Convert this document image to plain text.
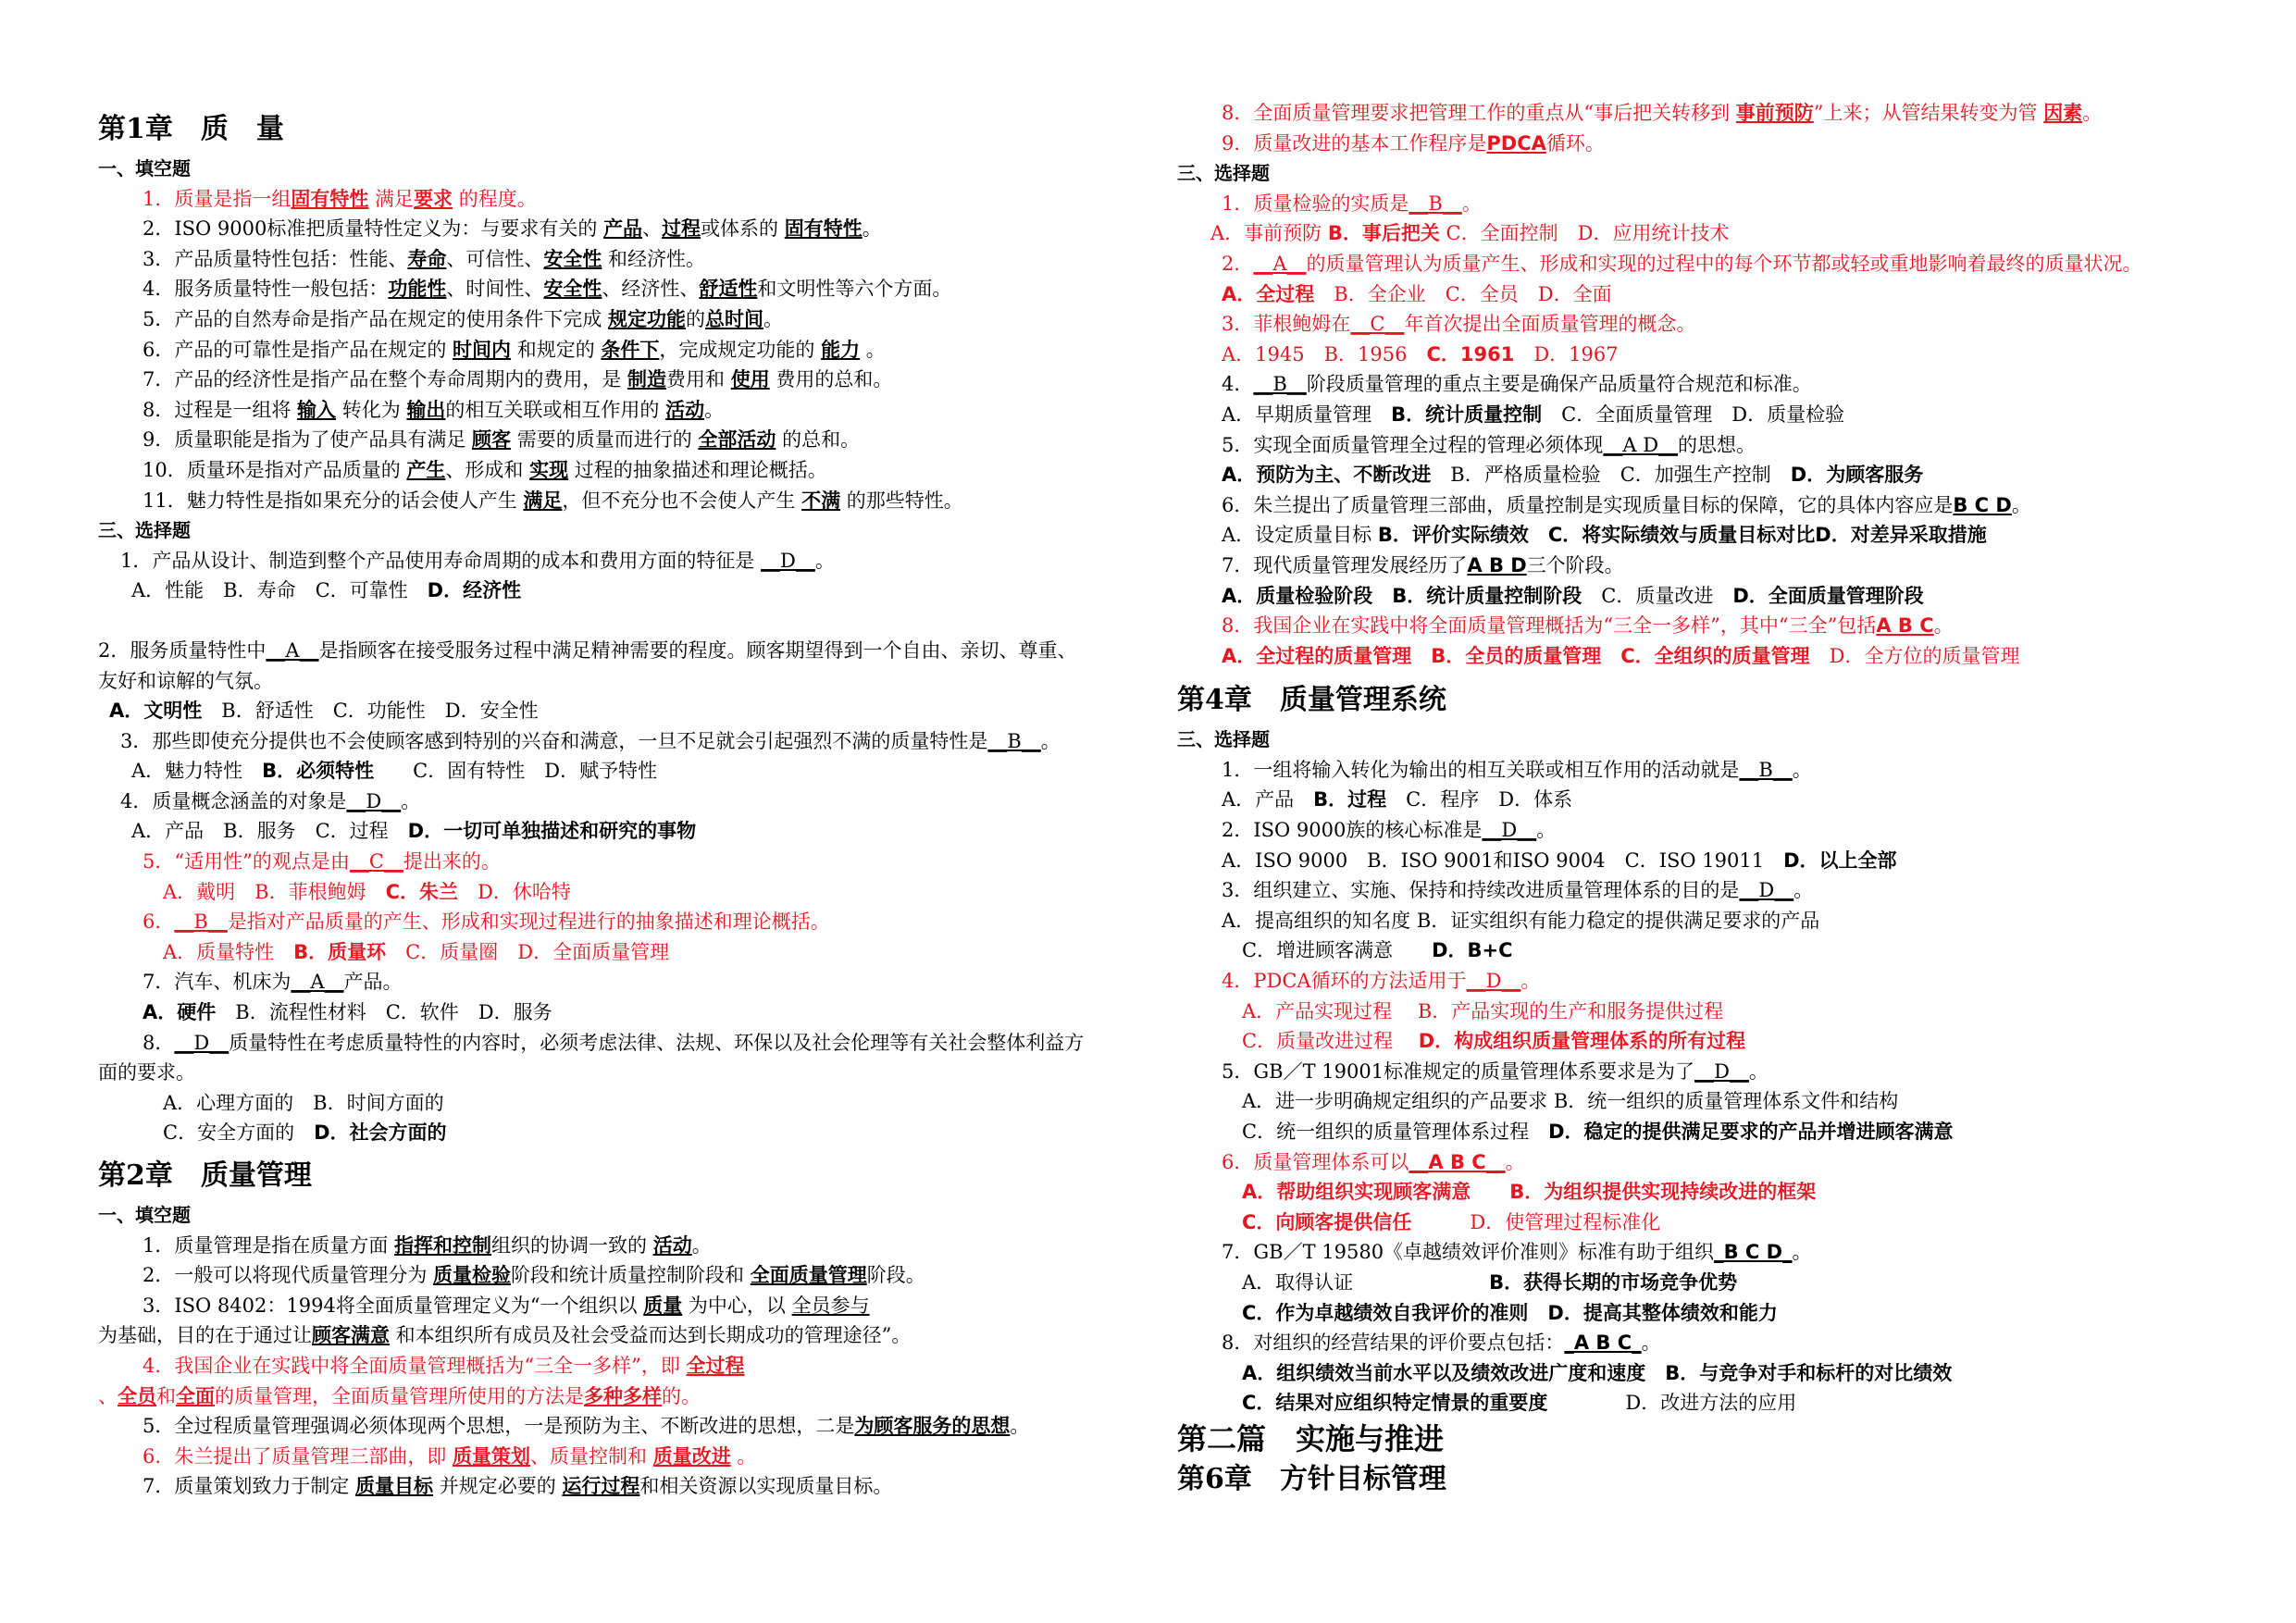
第1章　质　量
一、填空题
1．质量是指一组固有特性 满足要求 的程度。
2．ISO 9000标准把质量特性定义为：与要求有关的 产品、过程或体系的 固有特性。
3．产品质量特性包括：性能、寿命、可信性、安全性 和经济性。
4．服务质量特性一般包括：功能性、时间性、安全性、经济性、舒适性和文明性等六个方面。
5．产品的自然寿命是指产品在规定的使用条件下完成 规定功能的总时间。
6．产品的可靠性是指产品在规定的 时间内 和规定的 条件下，完成规定功能的 能力 。
7．产品的经济性是指产品在整个寿命周期内的费用，是 制造费用和 使用 费用的总和。
8．过程是一组将 输入 转化为 输出的相互关联或相互作用的 活动。
9．质量职能是指为了使产品具有满足 顾客 需要的质量而进行的 全部活动 的总和。
10．质量环是指对产品质量的 产生、形成和 实现 过程的抽象描述和理论概括。
11．魅力特性是指如果充分的话会使人产生 满足，但不充分也不会使人产生 不满 的那些特性。
三、选择题
1．产品从设计、制造到整个产品使用寿命周期的成本和费用方面的特征是 __D__。
A．性能　B．寿命　C．可靠性　D．经济性
2．服务质量特性中__A__是指顾客在接受服务过程中满足精神需要的程度。顾客期望得到一个自由、亲切、尊重、
友好和谅解的气氛。
A．文明性　B．舒适性　C．功能性　D．安全性
3．那些即使充分提供也不会使顾客感到特别的兴奋和满意，一旦不足就会引起强烈不满的质量特性是__B__。
A．魅力特性　B．必须特性　　C．固有特性　D．赋予特性
4．质量概念涵盖的对象是__D__。
A．产品　B．服务　C．过程　D．一切可单独描述和研究的事物
5．“适用性”的观点是由__C__提出来的。
A．戴明　B．菲根鲍姆　C．朱兰　D．休哈特
6．__B__是指对产品质量的产生、形成和实现过程进行的抽象描述和理论概括。
A．质量特性　B．质量环　C．质量圈　D．全面质量管理
7．汽车、机床为__A__产品。
A．硬件　B．流程性材料　C．软件　D．服务
8．__D__质量特性在考虑质量特性的内容时，必须考虑法律、法规、环保以及社会伦理等有关社会整体利益方
面的要求。
A．心理方面的　B．时间方面的
C．安全方面的　D．社会方面的
第2章　质量管理
一、填空题
1．质量管理是指在质量方面 指挥和控制组织的协调一致的 活动。
2．一般可以将现代质量管理分为 质量检验阶段和统计质量控制阶段和 全面质量管理阶段。
3．ISO 8402：1994将全面质量管理定义为“一个组织以 质量 为中心，以 全员参与
为基础，目的在于通过让顾客满意 和本组织所有成员及社会受益而达到长期成功的管理途径”。
4．我国企业在实践中将全面质量管理概括为“三全一多样”，即 全过程
、全员和全面的质量管理，全面质量管理所使用的方法是多种多样的。
5．全过程质量管理强调必须体现两个思想，一是预防为主、不断改进的思想，二是为顾客服务的思想。
6．朱兰提出了质量管理三部曲，即 质量策划、质量控制和 质量改进 。
7．质量策划致力于制定 质量目标 并规定必要的 运行过程和相关资源以实现质量目标。
8．全面质量管理要求把管理工作的重点从“事后把关转移到 事前预防”上来；从管结果转变为管 因素。
9．质量改进的基本工作程序是PDCA循环。
三、选择题
1．质量检验的实质是__B__。
A．事前预防 B．事后把关 C．全面控制　D．应用统计技术
2．__A__的质量管理认为质量产生、形成和实现的过程中的每个环节都或轻或重地影响着最终的质量状况。
A．全过程　B．全企业　C．全员　D．全面
3．菲根鲍姆在__C__年首次提出全面质量管理的概念。
A．1945　B．1956　C．1961　D．1967
4．__B__阶段质量管理的重点主要是确保产品质量符合规范和标准。
A．早期质量管理　B．统计质量控制　C．全面质量管理　D．质量检验
5．实现全面质量管理全过程的管理必须体现__A D__的思想。
A．预防为主、不断改进　B．严格质量检验　C．加强生产控制　D．为顾客服务
6．朱兰提出了质量管理三部曲，质量控制是实现质量目标的保障，它的具体内容应是B C D。
A．设定质量目标 B．评价实际绩效　C．将实际绩效与质量目标对比D．对差异采取措施
7．现代质量管理发展经历了A B D三个阶段。
A．质量检验阶段　 B．统计质量控制阶段　C．质量改进　D．全面质量管理阶段
8．我国企业在实践中将全面质量管理概括为“三全一多样”，其中“三全”包括A B C。
A．全过程的质量管理　B．全员的质量管理　C．全组织的质量管理　D．全方位的质量管理
第4章　质量管理系统
三、选择题
1．一组将输入转化为输出的相互关联或相互作用的活动就是__B__。
A．产品　B．过程　C．程序　D．体系
2．ISO 9000族的核心标准是__D__。
A．ISO 9000　B．ISO 9001和ISO 9004　C．ISO 19011　D．以上全部
3．组织建立、实施、保持和持续改进质量管理体系的目的是__D__。
A．提高组织的知名度 B．证实组织有能力稳定的提供满足要求的产品
C．增进顾客满意　　D．B+C
4．PDCA循环的方法适用于__D__。
A．产品实现过程　 B．产品实现的生产和服务提供过程
C．质量改进过程　 D．构成组织质量管理体系的所有过程
5．GB／T 19001标准规定的质量管理体系要求是为了__D__。
A．进一步明确规定组织的产品要求 B．统一组织的质量管理体系文件和结构
C．统一组织的质量管理体系过程　D．稳定的提供满足要求的产品并增进顾客满意
6．质量管理体系可以__A B C__。
A．帮助组织实现顾客满意　　B．为组织提供实现持续改进的框架
C．向顾客提供信任　　　D．使管理过程标准化
7．GB／T 19580《卓越绩效评价准则》标准有助于组织_B C D_。
A．取得认证　　　　　　　B．获得长期的市场竞争优势
C．作为卓越绩效自我评价的准则　D．提高其整体绩效和能力
8．对组织的经营结果的评价要点包括：_A B C_。
A．组织绩效当前水平以及绩效改进广度和速度　B．与竞争对手和标杆的对比绩效
C．结果对应组织特定情景的重要度　　　　D．改进方法的应用
第二篇　实施与推进
第6章　方针目标管理
